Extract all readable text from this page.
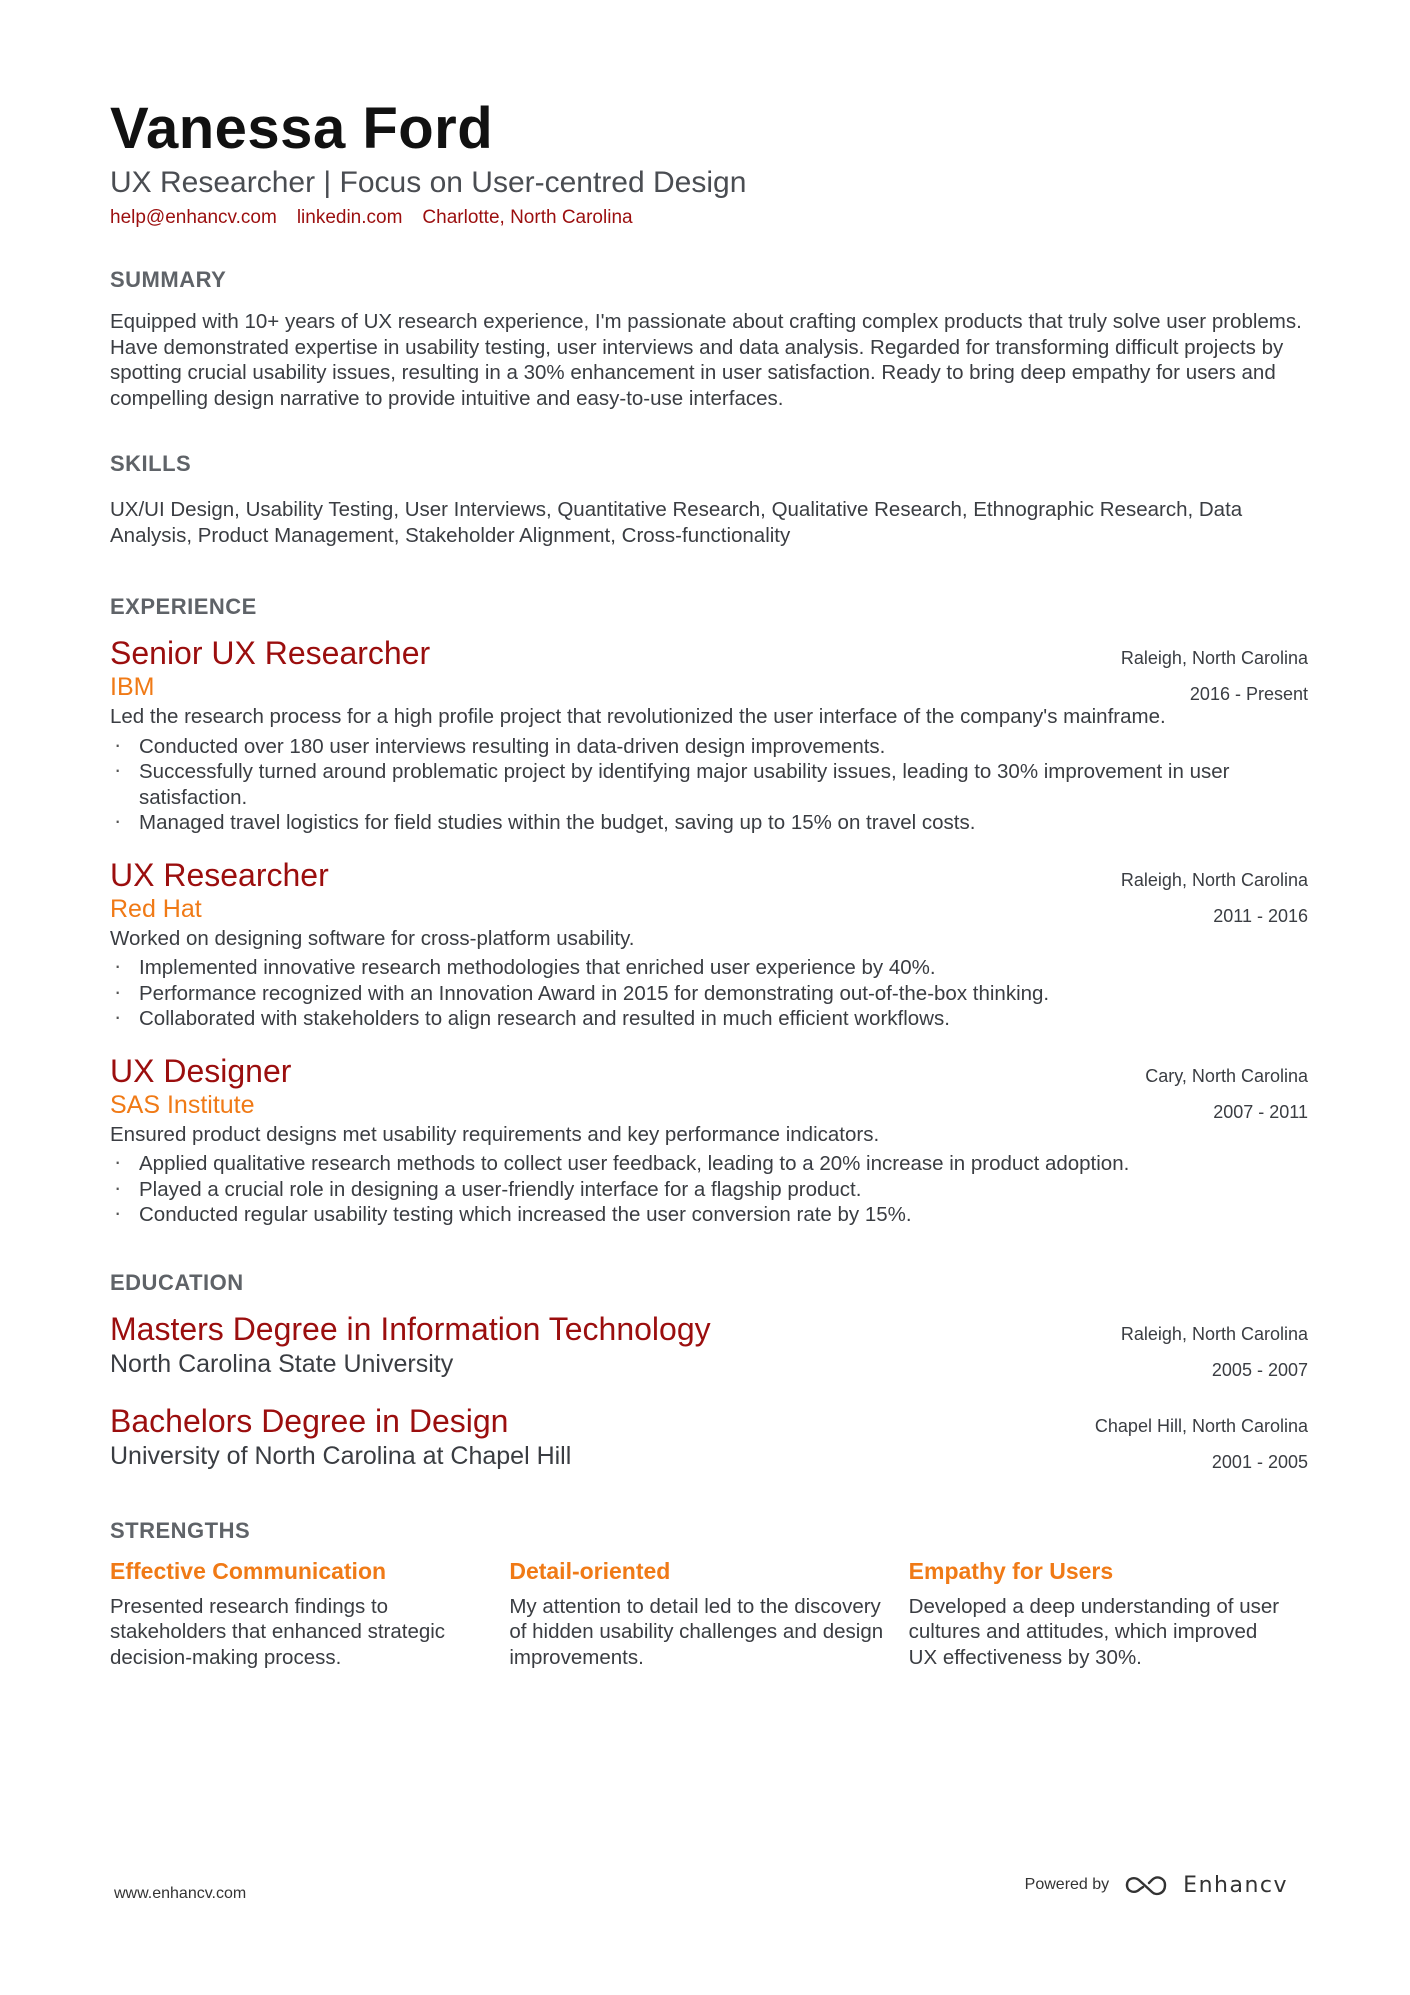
Vanessa Ford
UX Researcher | Focus on User-centred Design
help@enhancv.com linkedin.com Charlotte, North Carolina
SUMMARY
Equipped with 10+ years of UX research experience, I'm passionate about crafting complex products that truly solve user problems. Have demonstrated expertise in usability testing, user interviews and data analysis. Regarded for transforming difficult projects by spotting crucial usability issues, resulting in a 30% enhancement in user satisfaction. Ready to bring deep empathy for users and compelling design narrative to provide intuitive and easy-to-use interfaces.
SKILLS
UX/UI Design, Usability Testing, User Interviews, Quantitative Research, Qualitative Research, Ethnographic Research, Data Analysis, Product Management, Stakeholder Alignment, Cross-functionality
EXPERIENCE
Senior UX Researcher
IBM
Raleigh, North Carolina
2016 - Present
Led the research process for a high profile project that revolutionized the user interface of the company's mainframe.
· Conducted over 180 user interviews resulting in data-driven design improvements.
· Successfully turned around problematic project by identifying major usability issues, leading to 30% improvement in user satisfaction.
· Managed travel logistics for field studies within the budget, saving up to 15% on travel costs.
UX Researcher
Red Hat
Raleigh, North Carolina
2011 - 2016
Worked on designing software for cross-platform usability.
· Implemented innovative research methodologies that enriched user experience by 40%.
· Performance recognized with an Innovation Award in 2015 for demonstrating out-of-the-box thinking.
· Collaborated with stakeholders to align research and resulted in much efficient workflows.
UX Designer
SAS Institute
Cary, North Carolina
2007 - 2011
Ensured product designs met usability requirements and key performance indicators.
· Applied qualitative research methods to collect user feedback, leading to a 20% increase in product adoption.
· Played a crucial role in designing a user-friendly interface for a flagship product.
· Conducted regular usability testing which increased the user conversion rate by 15%.
EDUCATION
Masters Degree in Information Technology
North Carolina State University
Raleigh, North Carolina
2005 - 2007
Bachelors Degree in Design
University of North Carolina at Chapel Hill
Chapel Hill, North Carolina
2001 - 2005
STRENGTHS
Effective Communication
Presented research findings to stakeholders that enhanced strategic decision-making process.
Detail-oriented
My attention to detail led to the discovery of hidden usability challenges and design improvements.
Empathy for Users
Developed a deep understanding of user cultures and attitudes, which improved UX effectiveness by 30%.
www.enhancv.com
Powered by	Enhancv
